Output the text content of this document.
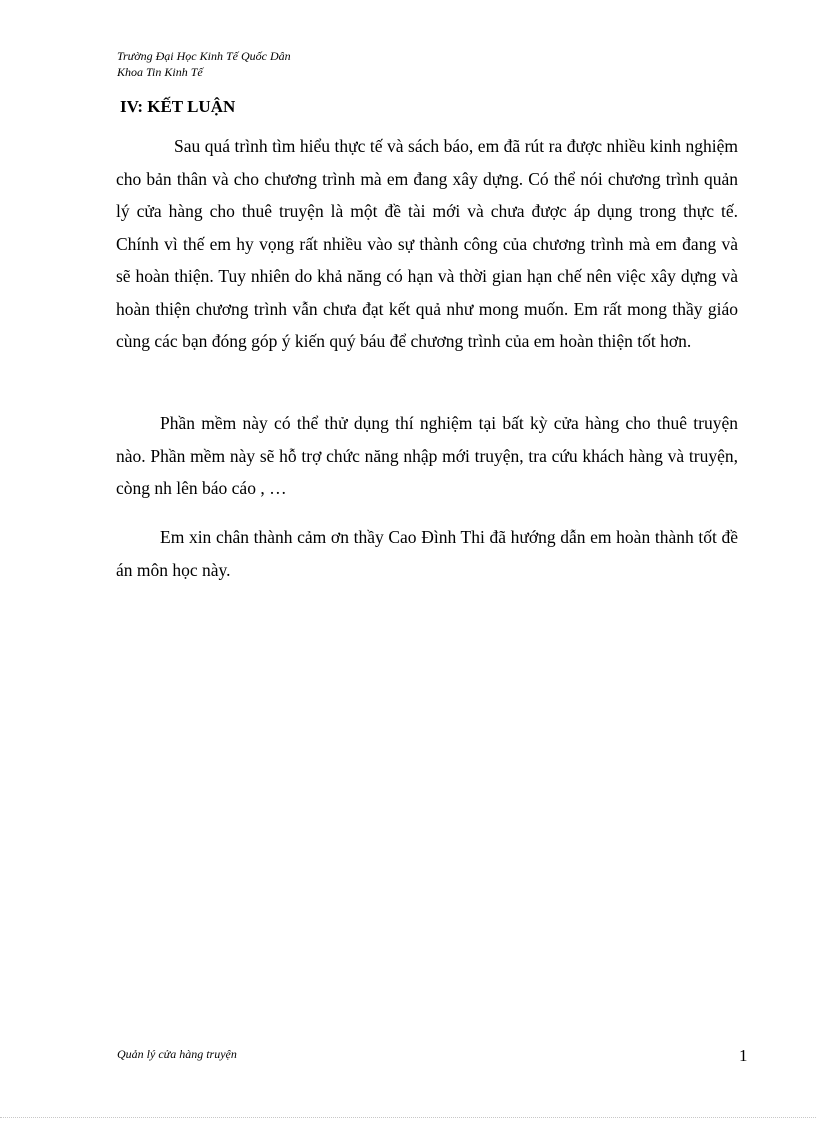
Trường Đại Học Kinh Tế Quốc Dân
Khoa Tin Kinh Tế
IV: KẾT LUẬN

Sau quá trình tìm hiểu thực tế và sách báo, em đã rút ra được nhiều kinh nghiệm cho bản thân và cho chương trình mà em đang xây dựng. Có thể nói chương trình quản lý cửa hàng cho thuê truyện là một đề tài mới và chưa được áp dụng trong thực tế. Chính vì thế em hy vọng rất nhiều vào sự thành công của chương trình mà em đang và sẽ hoàn thiện. Tuy nhiên do khả năng có hạn và thời gian hạn chế nên việc xây dựng và hoàn thiện chương trình vẫn chưa đạt kết quả như mong muốn. Em rất mong thầy giáo cùng các bạn đóng góp ý kiến quý báu để chương trình của em hoàn thiện tốt hơn.

Phần mềm này có thể thử dụng thí nghiệm tại bất kỳ cửa hàng cho thuê truyện nào. Phần mềm này sẽ hỗ trợ chức năng nhập mới truyện, tra cứu khách hàng và truyện, còng nh lên báo cáo , …

Em xin chân thành cảm ơn thầy Cao Đình Thi đã hướng dẫn em hoàn thành tốt đề án môn học này.

Quản lý cửa hàng truyện	1
